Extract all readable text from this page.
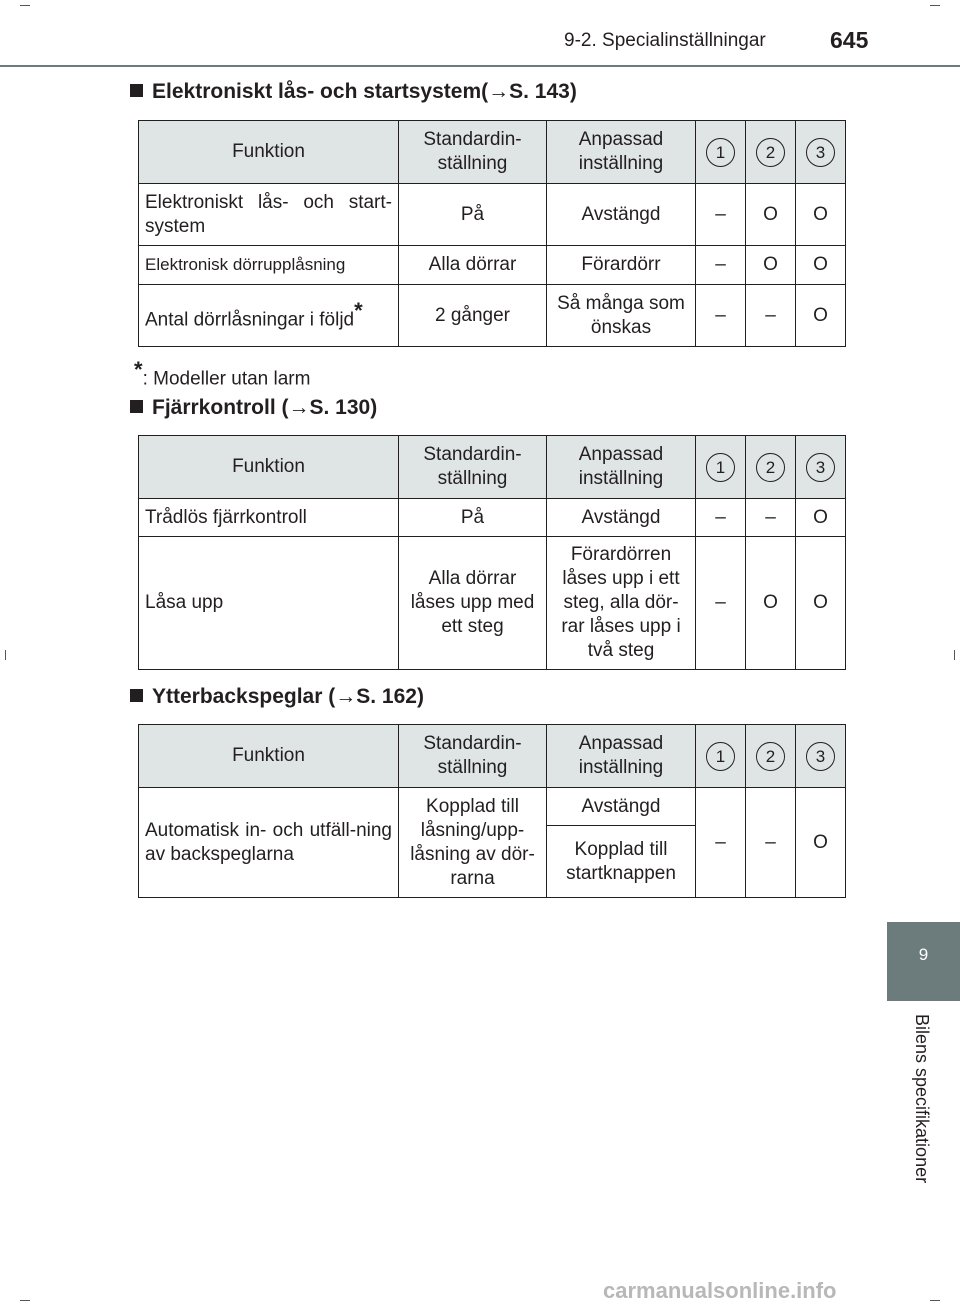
9-2. Specialinställningar	645
Elektroniskt lås- och startsystem(→S. 143)
Funktion	Standardin-ställning	Anpassad inställning	1	2	3
Elektroniskt lås- och start-system	På	Avstängd	–	O	O
Elektronisk dörrupplåsning	Alla dörrar	Förardörr	–	O	O
Antal dörrlåsningar i följd*	2 gånger	Så många som önskas	–	–	O
*: Modeller utan larm
Fjärrkontroll (→S. 130)
Funktion	Standardin-ställning	Anpassad inställning	1	2	3
Trådlös fjärrkontroll	På	Avstängd	–	–	O
Låsa upp	Alla dörrar låses upp med ett steg	Förardörren låses upp i ett steg, alla dör-rar låses upp i två steg	–	O	O
Ytterbackspeglar (→S. 162)
Funktion	Standardin-ställning	Anpassad inställning	1	2	3
Automatisk in- och utfäll-ning av backspeglarna	Kopplad till låsning/upp-låsning av dör-rarna	Avstängd	–	–	O
		Kopplad till startknappen			
9
Bilens specifikationer
carmanualsonline.info
